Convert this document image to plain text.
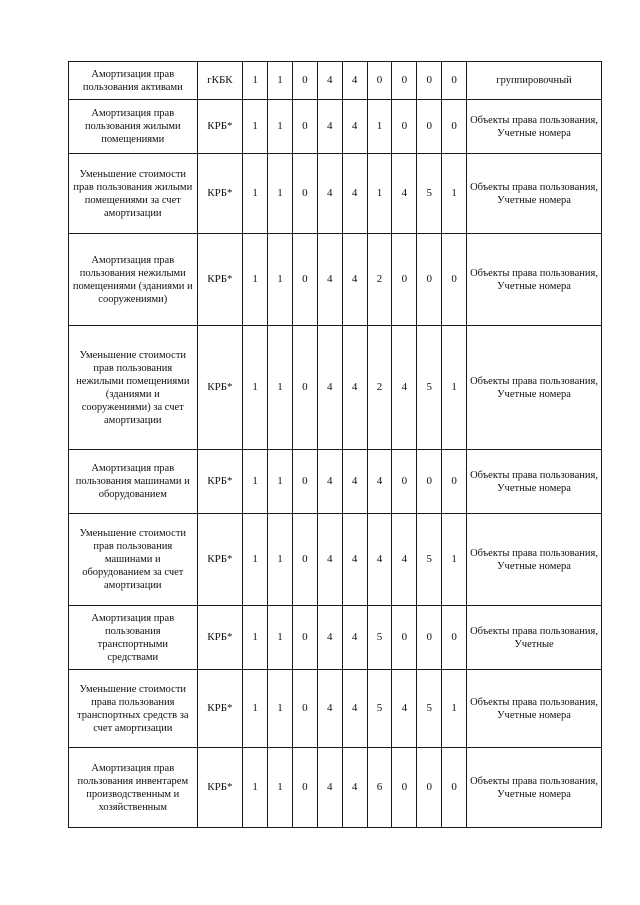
Амортизация прав пользования активами	гКБК	1	1	0	4	4	0	0	0	0	группировочный
Амортизация прав пользования жилыми помещениями	КРБ*	1	1	0	4	4	1	0	0	0	Объекты права пользования, Учетные номера
Уменьшение стоимости прав пользования жилыми помещениями за счет амортизации	КРБ*	1	1	0	4	4	1	4	5	1	Объекты права пользования, Учетные номера
Амортизация прав пользования нежилыми помещениями (зданиями и сооружениями)	КРБ*	1	1	0	4	4	2	0	0	0	Объекты права пользования, Учетные номера
Уменьшение стоимости прав пользования нежилыми помещениями (зданиями и сооружениями) за счет амортизации	КРБ*	1	1	0	4	4	2	4	5	1	Объекты права пользования, Учетные номера
Амортизация прав пользования машинами и оборудованием	КРБ*	1	1	0	4	4	4	0	0	0	Объекты права пользования, Учетные номера
Уменьшение стоимости прав пользования машинами и оборудованием за счет амортизации	КРБ*	1	1	0	4	4	4	4	5	1	Объекты права пользования, Учетные номера
Амортизация прав пользования транспортными средствами	КРБ*	1	1	0	4	4	5	0	0	0	Объекты права пользования, Учетные
Уменьшение стоимости права пользования транспортных средств за счет амортизации	КРБ*	1	1	0	4	4	5	4	5	1	Объекты права пользования, Учетные номера
Амортизация прав пользования инвентарем производственным и хозяйственным	КРБ*	1	1	0	4	4	6	0	0	0	Объекты права пользования, Учетные номера
